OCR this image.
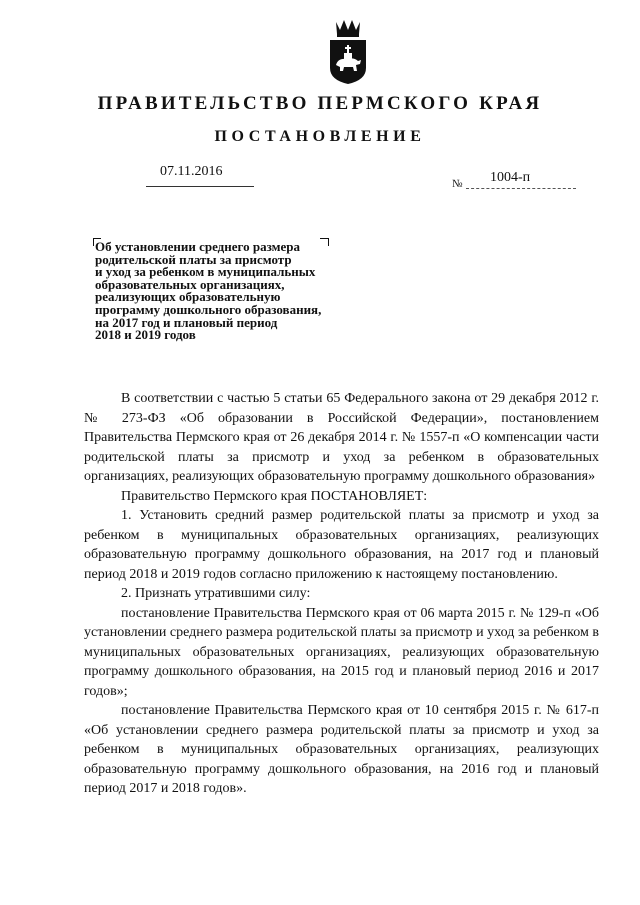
ПРАВИТЕЛЬСТВО ПЕРМСКОГО КРАЯ
ПОСТАНОВЛЕНИЕ
07.11.2016
№ 1004-п
Об установлении среднего размера
родительской платы за присмотр
и уход за ребенком в муниципальных
образовательных организациях,
реализующих образовательную
программу дошкольного образования,
на 2017 год и плановый период
2018 и 2019 годов

В соответствии с частью 5 статьи 65 Федерального закона от 29 декабря 2012 г. № 273-ФЗ «Об образовании в Российской Федерации», постановлением Правительства Пермского края от 26 декабря 2014 г. № 1557-п «О компенсации части родительской платы за присмотр и уход за ребенком в образовательных организациях, реализующих образовательную программу дошкольного образования»

Правительство Пермского края ПОСТАНОВЛЯЕТ:

1. Установить средний размер родительской платы за присмотр и уход за ребенком в муниципальных образовательных организациях, реализующих образовательную программу дошкольного образования, на 2017 год и плановый период 2018 и 2019 годов согласно приложению к настоящему постановлению.

2. Признать утратившими силу:

постановление Правительства Пермского края от 06 марта 2015 г. № 129-п «Об установлении среднего размера родительской платы за присмотр и уход за ребенком в муниципальных образовательных организациях, реализующих образовательную программу дошкольного образования, на 2015 год и плановый период 2016 и 2017 годов»;

постановление Правительства Пермского края от 10 сентября 2015 г. № 617-п «Об установлении среднего размера родительской платы за присмотр и уход за ребенком в муниципальных образовательных организациях, реализующих образовательную программу дошкольного образования, на 2016 год и плановый период 2017 и 2018 годов».
